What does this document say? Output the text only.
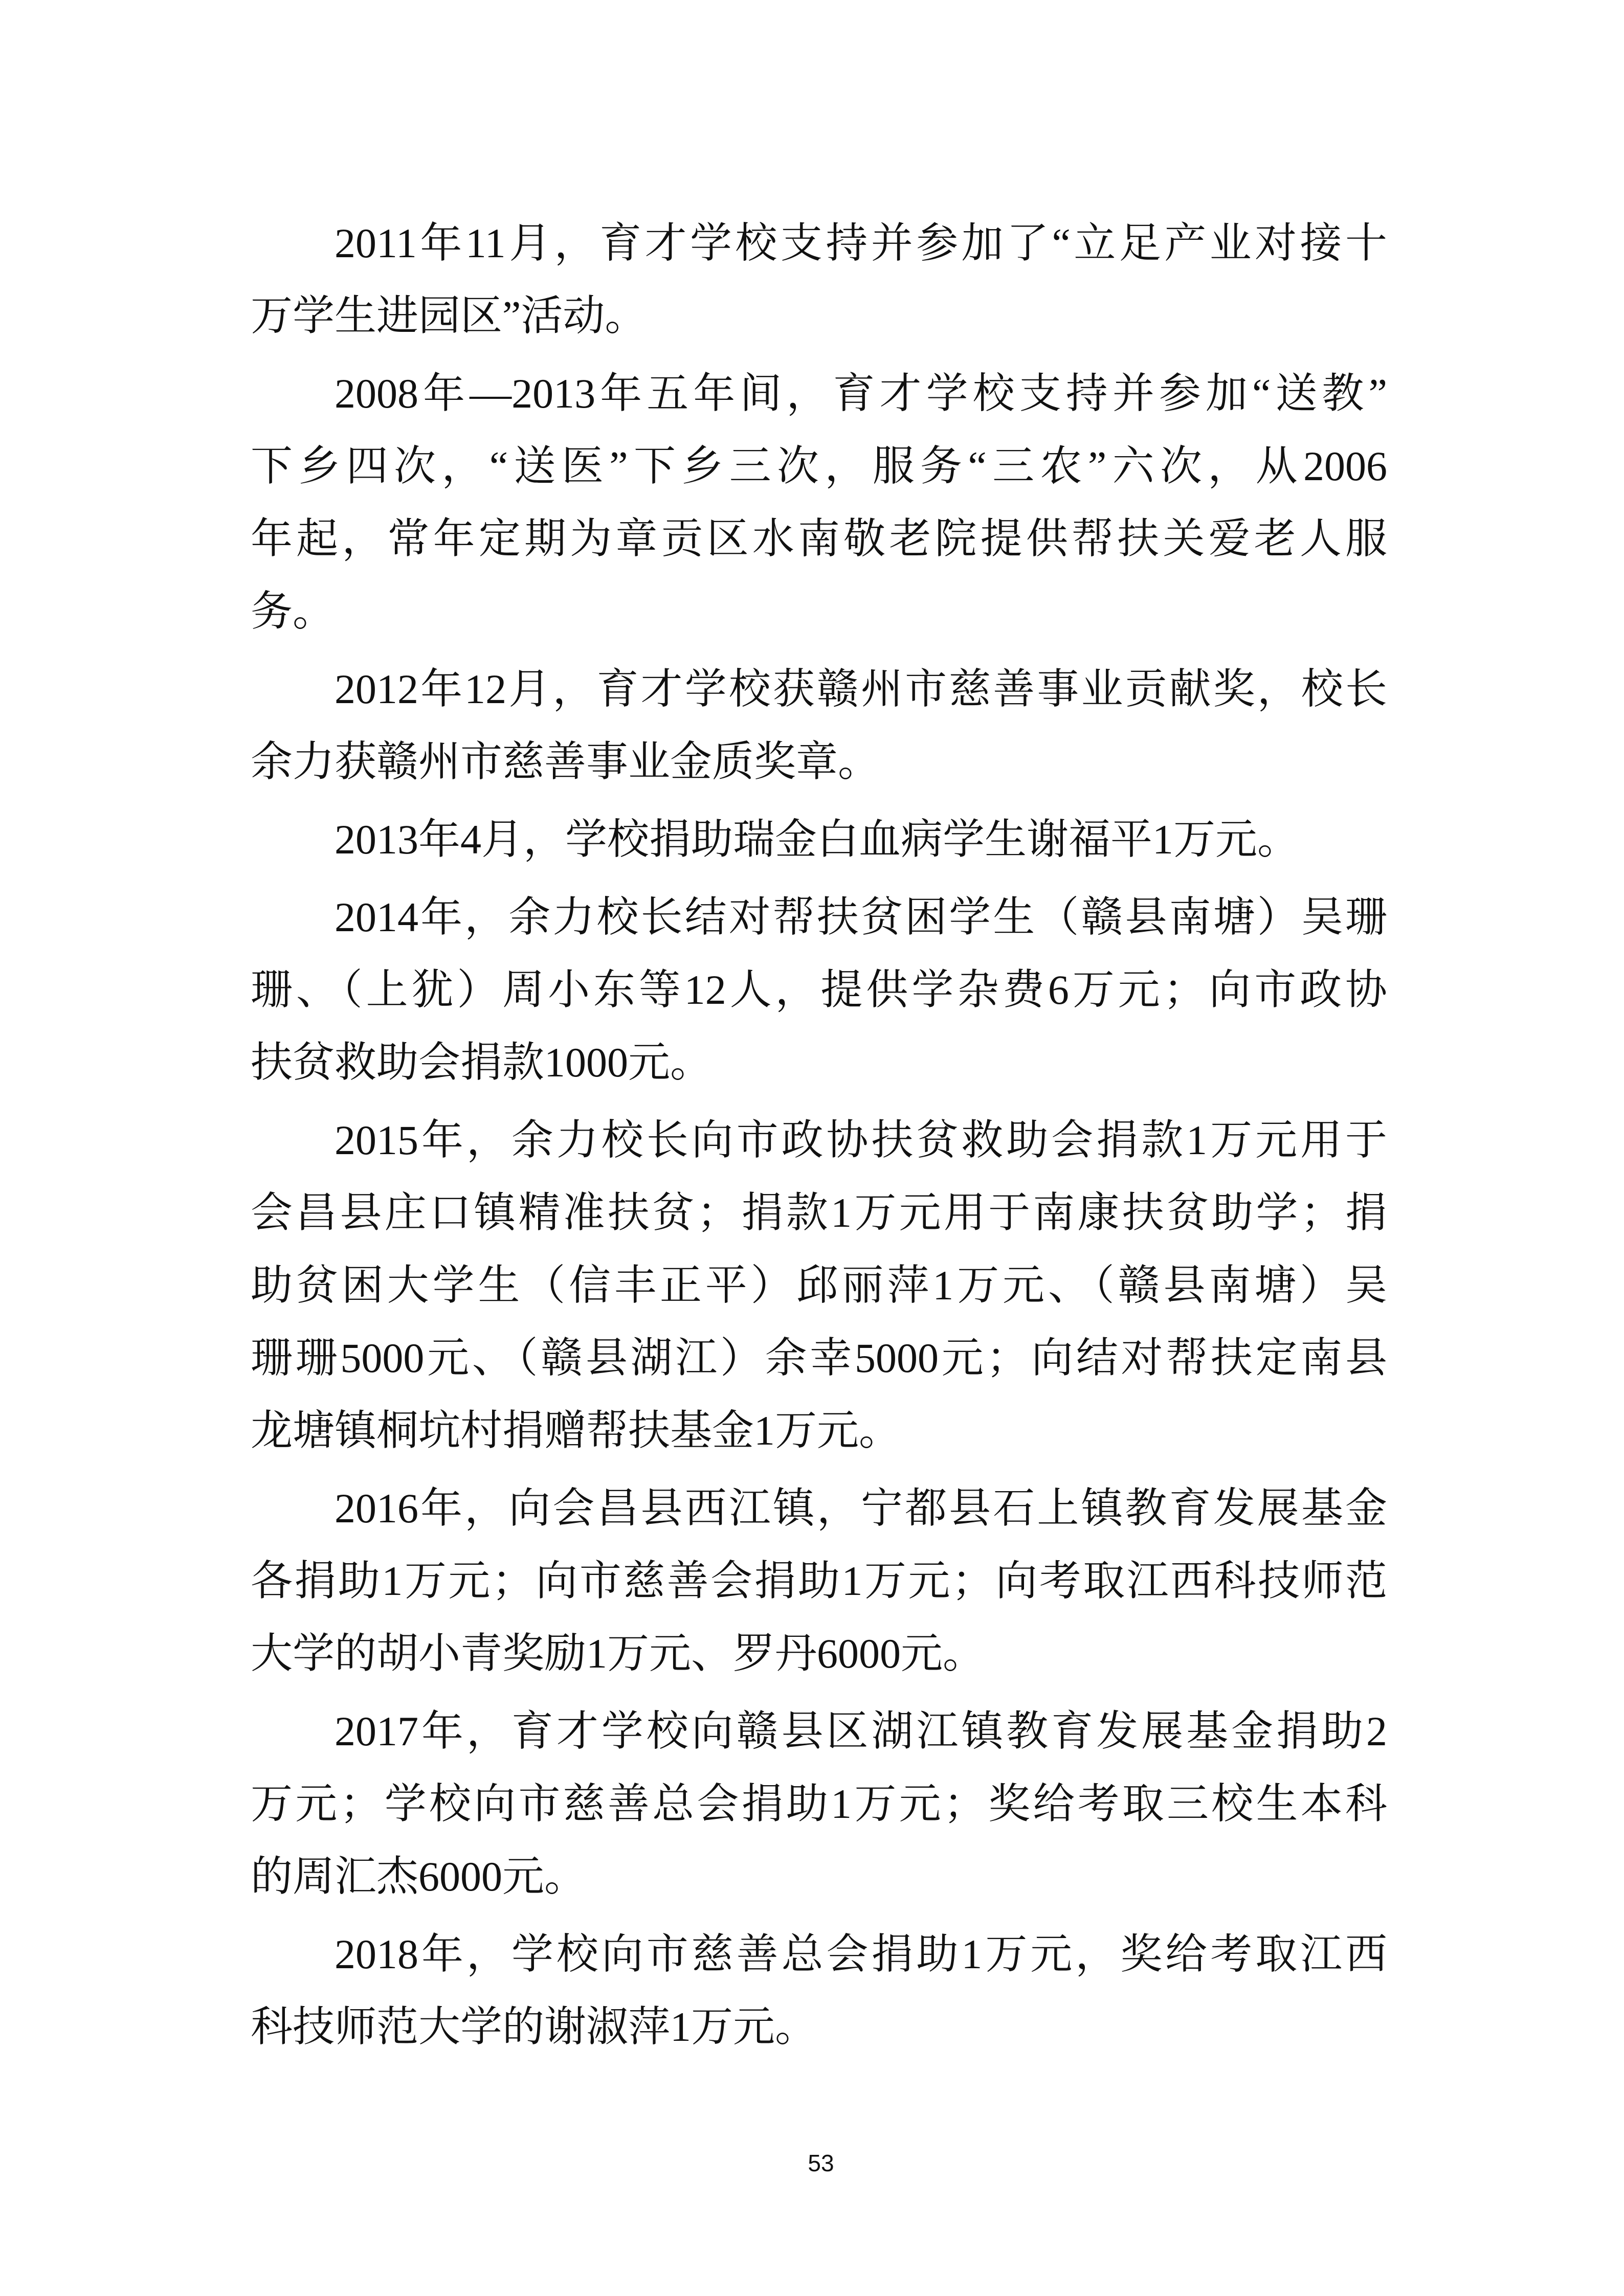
2011年11月，育才学校支持并参加了“立足产业对接十
万学生进园区”活动。
2008年—2013年五年间，育才学校支持并参加“送教”
下乡四次，“送医”下乡三次，服务“三农”六次，从2006
年起，常年定期为章贡区水南敬老院提供帮扶关爱老人服
务。
2012年12月，育才学校获赣州市慈善事业贡献奖，校长
余力获赣州市慈善事业金质奖章。
2013年4月，学校捐助瑞金白血病学生谢福平1万元。
2014年，余力校长结对帮扶贫困学生（赣县南塘）吴珊
珊、（上犹）周小东等12人，提供学杂费6万元；向市政协
扶贫救助会捐款1000元。
2015年，余力校长向市政协扶贫救助会捐款1万元用于
会昌县庄口镇精准扶贫；捐款1万元用于南康扶贫助学；捐
助贫困大学生（信丰正平）邱丽萍1万元、（赣县南塘）吴
珊珊5000元、（赣县湖江）余幸5000元；向结对帮扶定南县
龙塘镇桐坑村捐赠帮扶基金1万元。
2016年，向会昌县西江镇，宁都县石上镇教育发展基金
各捐助1万元；向市慈善会捐助1万元；向考取江西科技师范
大学的胡小青奖励1万元、罗丹6000元。
2017年，育才学校向赣县区湖江镇教育发展基金捐助2
万元；学校向市慈善总会捐助1万元；奖给考取三校生本科
的周汇杰6000元。
2018年，学校向市慈善总会捐助1万元，奖给考取江西
科技师范大学的谢淑萍1万元。
53
